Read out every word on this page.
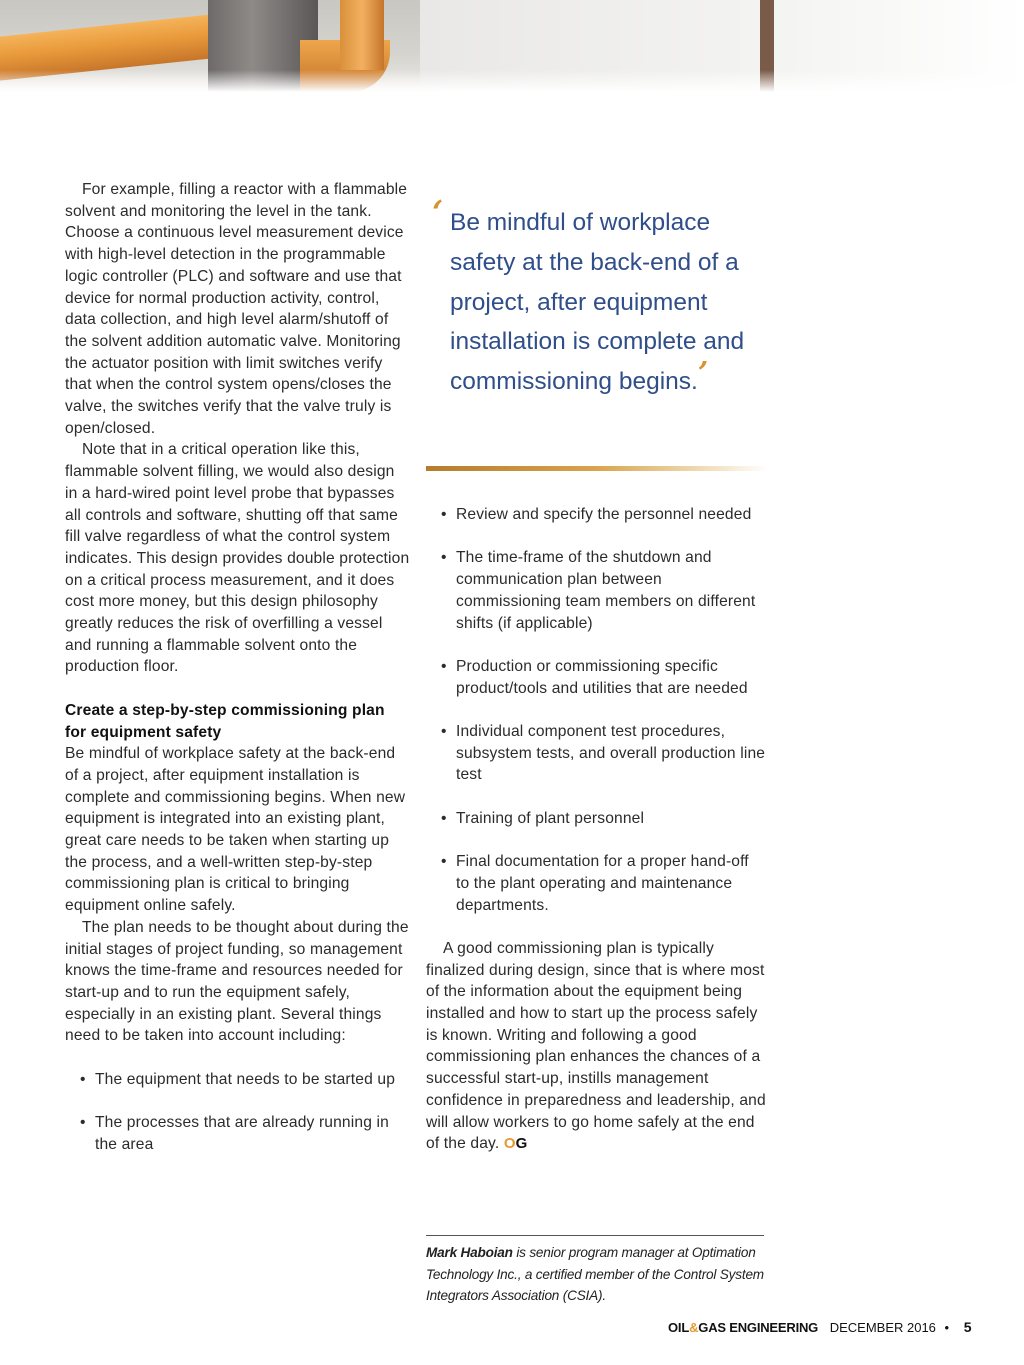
For example, filling a reactor with a flammable solvent and monitoring the level in the tank. Choose a continuous level measurement device with high-level detection in the programmable logic controller (PLC) and software and use that device for normal production activity, control, data collection, and high level alarm/shutoff of the solvent addition automatic valve. Monitoring the actuator position with limit switches verify that when the control system opens/closes the valve, the switches verify that the valve truly is open/closed.

Note that in a critical operation like this, flammable solvent filling, we would also design in a hard-wired point level probe that bypasses all controls and software, shutting off that same fill valve regardless of what the control system indicates. This design provides double protection on a critical process measurement, and it does cost more money, but this design philosophy greatly reduces the risk of overfilling a vessel and running a flammable solvent onto the production floor.

Create a step-by-step commissioning plan for equipment safety

Be mindful of workplace safety at the back-end of a project, after equipment installation is complete and commissioning begins. When new equipment is integrated into an existing plant, great care needs to be taken when starting up the process, and a well-written step-by-step commissioning plan is critical to bringing equipment online safely.

The plan needs to be thought about during the initial stages of project funding, so management knows the time-frame and resources needed for start-up and to run the equipment safely, especially in an existing plant. Several things need to be taken into account including:

• The equipment that needs to be started up
• The processes that are already running in the area
‘ Be mindful of workplace safety at the back-end of a project, after equipment installation is complete and commissioning begins.’
• Review and specify the personnel needed
• The time-frame of the shutdown and communication plan between commissioning team members on different shifts (if applicable)
• Production or commissioning specific product/tools and utilities that are needed
• Individual component test procedures, subsystem tests, and overall production line test
• Training of plant personnel
• Final documentation for a proper hand-off to the plant operating and maintenance departments.

A good commissioning plan is typically finalized during design, since that is where most of the information about the equipment being installed and how to start up the process safely is known. Writing and following a good commissioning plan enhances the chances of a successful start-up, instills management confidence in preparedness and leadership, and will allow workers to go home safely at the end of the day. OG

Mark Haboian is senior program manager at Optimation Technology Inc., a certified member of the Control System Integrators Association (CSIA).
OIL&GAS ENGINEERING DECEMBER 2016 • 5
